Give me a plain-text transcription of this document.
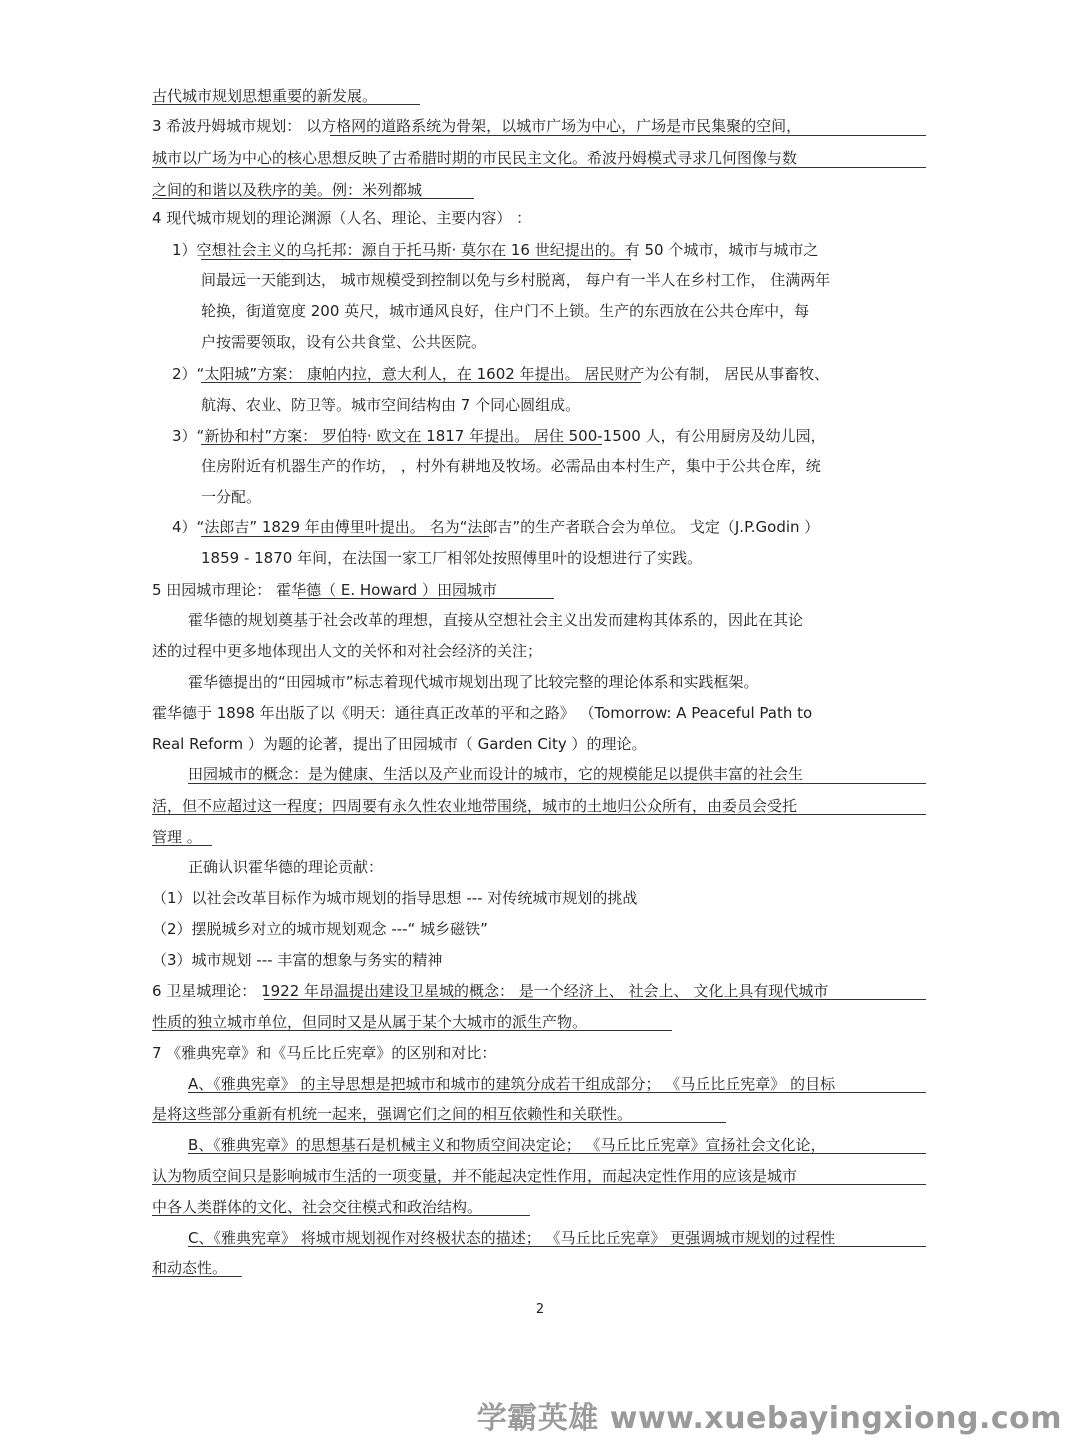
古代城市规划思想重要的新发展。
3 希波丹姆城市规划： 以方格网的道路系统为骨架，以城市广场为中心，广场是市民集聚的空间，
城市以广场为中心的核心思想反映了古希腊时期的市民民主文化。希波丹姆模式寻求几何图像与数
之间的和谐以及秩序的美。例：米列都城
4 现代城市规划的理论渊源（人名、理论、主要内容） ：
1）空想社会主义的乌托邦：源自于托马斯· 莫尔在 16 世纪提出的。有 50 个城市，城市与城市之
间最远一天能到达， 城市规模受到控制以免与乡村脱离， 每户有一半人在乡村工作， 住满两年
轮换，街道宽度 200 英尺，城市通风良好，住户门不上锁。生产的东西放在公共仓库中，每
户按需要领取，设有公共食堂、公共医院。
2）“太阳城”方案： 康帕内拉，意大利人，在 1602 年提出。 居民财产为公有制， 居民从事畜牧、
航海、农业、防卫等。城市空间结构由 7 个同心圆组成。
3）“新协和村”方案： 罗伯特· 欧文在 1817 年提出。 居住 500-1500 人，有公用厨房及幼儿园，
住房附近有机器生产的作坊， ，村外有耕地及牧场。必需品由本村生产，集中于公共仓库，统
一分配。
4）“法郎吉” 1829 年由傅里叶提出。 名为“法郎吉”的生产者联合会为单位。 戈定（J.P.Godin ）
1859 - 1870 年间，在法国一家工厂相邻处按照傅里叶的设想进行了实践。
5 田园城市理论： 霍华德（ E. Howard ）田园城市
霍华德的规划奠基于社会改革的理想，直接从空想社会主义出发而建构其体系的，因此在其论
述的过程中更多地体现出人文的关怀和对社会经济的关注；
霍华德提出的“田园城市”标志着现代城市规划出现了比较完整的理论体系和实践框架。
霍华德于 1898 年出版了以《明天：通往真正改革的平和之路》 （Tomorrow: A Peaceful Path to
Real Reform ）为题的论著，提出了田园城市（ Garden City ）的理论。
田园城市的概念：是为健康、生活以及产业而设计的城市，它的规模能足以提供丰富的社会生
活，但不应超过这一程度；四周要有永久性农业地带围绕，城市的土地归公众所有，由委员会受托
管理 。
正确认识霍华德的理论贡献：
（1）以社会改革目标作为城市规划的指导思想 --- 对传统城市规划的挑战
（2）摆脱城乡对立的城市规划观念 ---“ 城乡磁铁”
（3）城市规划 --- 丰富的想象与务实的精神
6 卫星城理论： 1922 年昂温提出建设卫星城的概念： 是一个经济上、 社会上、 文化上具有现代城市
性质的独立城市单位，但同时又是从属于某个大城市的派生产物。
7 《雅典宪章》和《马丘比丘宪章》的区别和对比：
A、《雅典宪章》 的主导思想是把城市和城市的建筑分成若干组成部分； 《马丘比丘宪章》 的目标
是将这些部分重新有机统一起来，强调它们之间的相互依赖性和关联性。
B、《雅典宪章》的思想基石是机械主义和物质空间决定论； 《马丘比丘宪章》宣扬社会文化论，
认为物质空间只是影响城市生活的一项变量，并不能起决定性作用，而起决定性作用的应该是城市
中各人类群体的文化、社会交往模式和政治结构。
C、《雅典宪章》 将城市规划视作对终极状态的描述； 《马丘比丘宪章》 更强调城市规划的过程性
和动态性。
2
学霸英雄 www.xuebayingxiong.com
